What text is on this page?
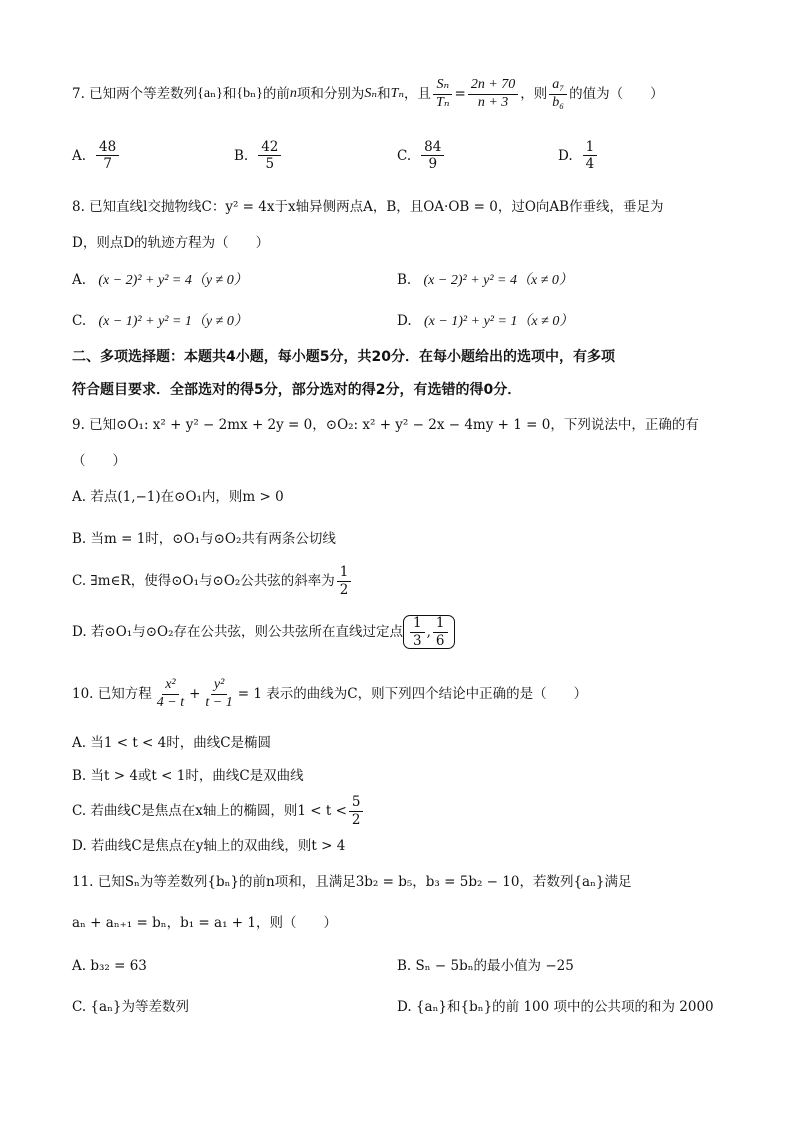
7. 已知两个等差数列 {aₙ} 和 {bₙ} 的前 n 项和分别为 Sₙ 和 Tₙ ，且 $\frac{\text{Sₙ}}{\text{Tₙ}} = \frac{2n + 70}{n + 3}$ ，则 $\frac{\text{a₇}}{\text{b₆}}$ 的值为（　　）
A. $\frac{48}{7}$	B. $\frac{42}{5}$	C. $\frac{84}{9}$	D. $\frac{1}{4}$
8. 已知直线l交抛物线C：y² = 4x于x轴异侧两点A，B，且OA·OB = 0，过O向AB作垂线，垂足为
D，则点D的轨迹方程为（　　）
A. (x − 2)² + y² = 4（y ≠ 0）	B. (x − 2)² + y² = 4（x ≠ 0）
C. (x − 1)² + y² = 1（y ≠ 0）	D. (x − 1)² + y² = 1（x ≠ 0）
二、多项选择题：本题共4小题，每小题5分，共20分．在每小题给出的选项中，有多项
符合题目要求．全部选对的得5分，部分选对的得2分，有选错的得0分．
9. 已知⊙O₁: x² + y² − 2mx + 2y = 0，⊙O₂: x² + y² − 2x − 4my + 1 = 0，下列说法中，正确的有
（　　）
A. 若点(1,−1)在⊙O₁内，则m > 0
B. 当m = 1时，⊙O₁与⊙O₂共有两条公切线
C. ∃m∈R，使得⊙O₁与⊙O₂公共弦的斜率为 $\frac{1}{2}$
D. 若⊙O₁与⊙O₂存在公共弦，则公共弦所在直线过定点 $\frac{1}{3}$ , $\frac{1}{6}$
10. 已知方程 $\frac{\text{x²}}{4 - t} + \frac{\text{y²}}{t - 1} = 1$ 表示的曲线为C，则下列四个结论中正确的是（　　）
A. 当1 < t < 4时，曲线C是椭圆
B. 当t > 4或t < 1时，曲线C是双曲线
C. 若曲线C是焦点在x轴上的椭圆，则$1 < t < \frac{5}{2}$
D. 若曲线C是焦点在y轴上的双曲线，则t > 4
11. 已知Sₙ为等差数列{bₙ}的前n项和，且满足3b₂ = b₅，b₃ = 5b₂ − 10，若数列{aₙ}满足
aₙ + aₙ₊₁ = bₙ，b₁ = a₁ + 1，则（　　）
A. b₃₂ = 63	B. Sₙ − 5bₙ的最小值为 −25
C. {aₙ}为等差数列	D. {aₙ}和{bₙ}的前 100 项中的公共项的和为 2000
